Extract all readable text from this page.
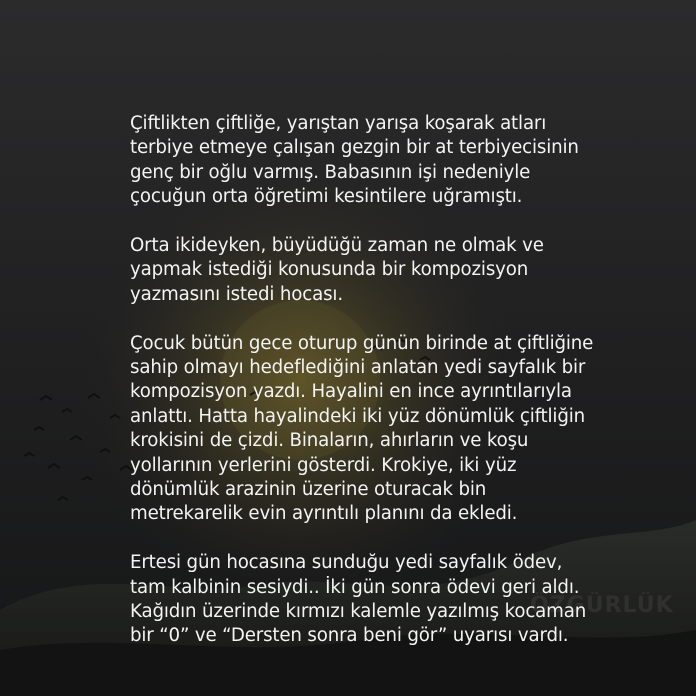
ÖZGÜRLÜK

Çiftlikten çiftliğe, yarıştan yarışa koşarak atları
terbiye etmeye çalışan gezgin bir at terbiyecisinin
genç bir oğlu varmış. Babasının işi nedeniyle
çocuğun orta öğretimi kesintilere uğramıştı.

Orta ikideyken, büyüdüğü zaman ne olmak ve
yapmak istediği konusunda bir kompozisyon
yazmasını istedi hocası.

Çocuk bütün gece oturup günün birinde at çiftliğine
sahip olmayı hedeflediğini anlatan yedi sayfalık bir
kompozisyon yazdı. Hayalini en ince ayrıntılarıyla
anlattı. Hatta hayalindeki iki yüz dönümlük çiftliğin
krokisini de çizdi. Binaların, ahırların ve koşu
yollarının yerlerini gösterdi. Krokiye, iki yüz
dönümlük arazinin üzerine oturacak bin
metrekarelik evin ayrıntılı planını da ekledi.

Ertesi gün hocasına sunduğu yedi sayfalık ödev,
tam kalbinin sesiydi.. İki gün sonra ödevi geri aldı.
Kağıdın üzerinde kırmızı kalemle yazılmış kocaman
bir “0” ve “Dersten sonra beni gör” uyarısı vardı.
